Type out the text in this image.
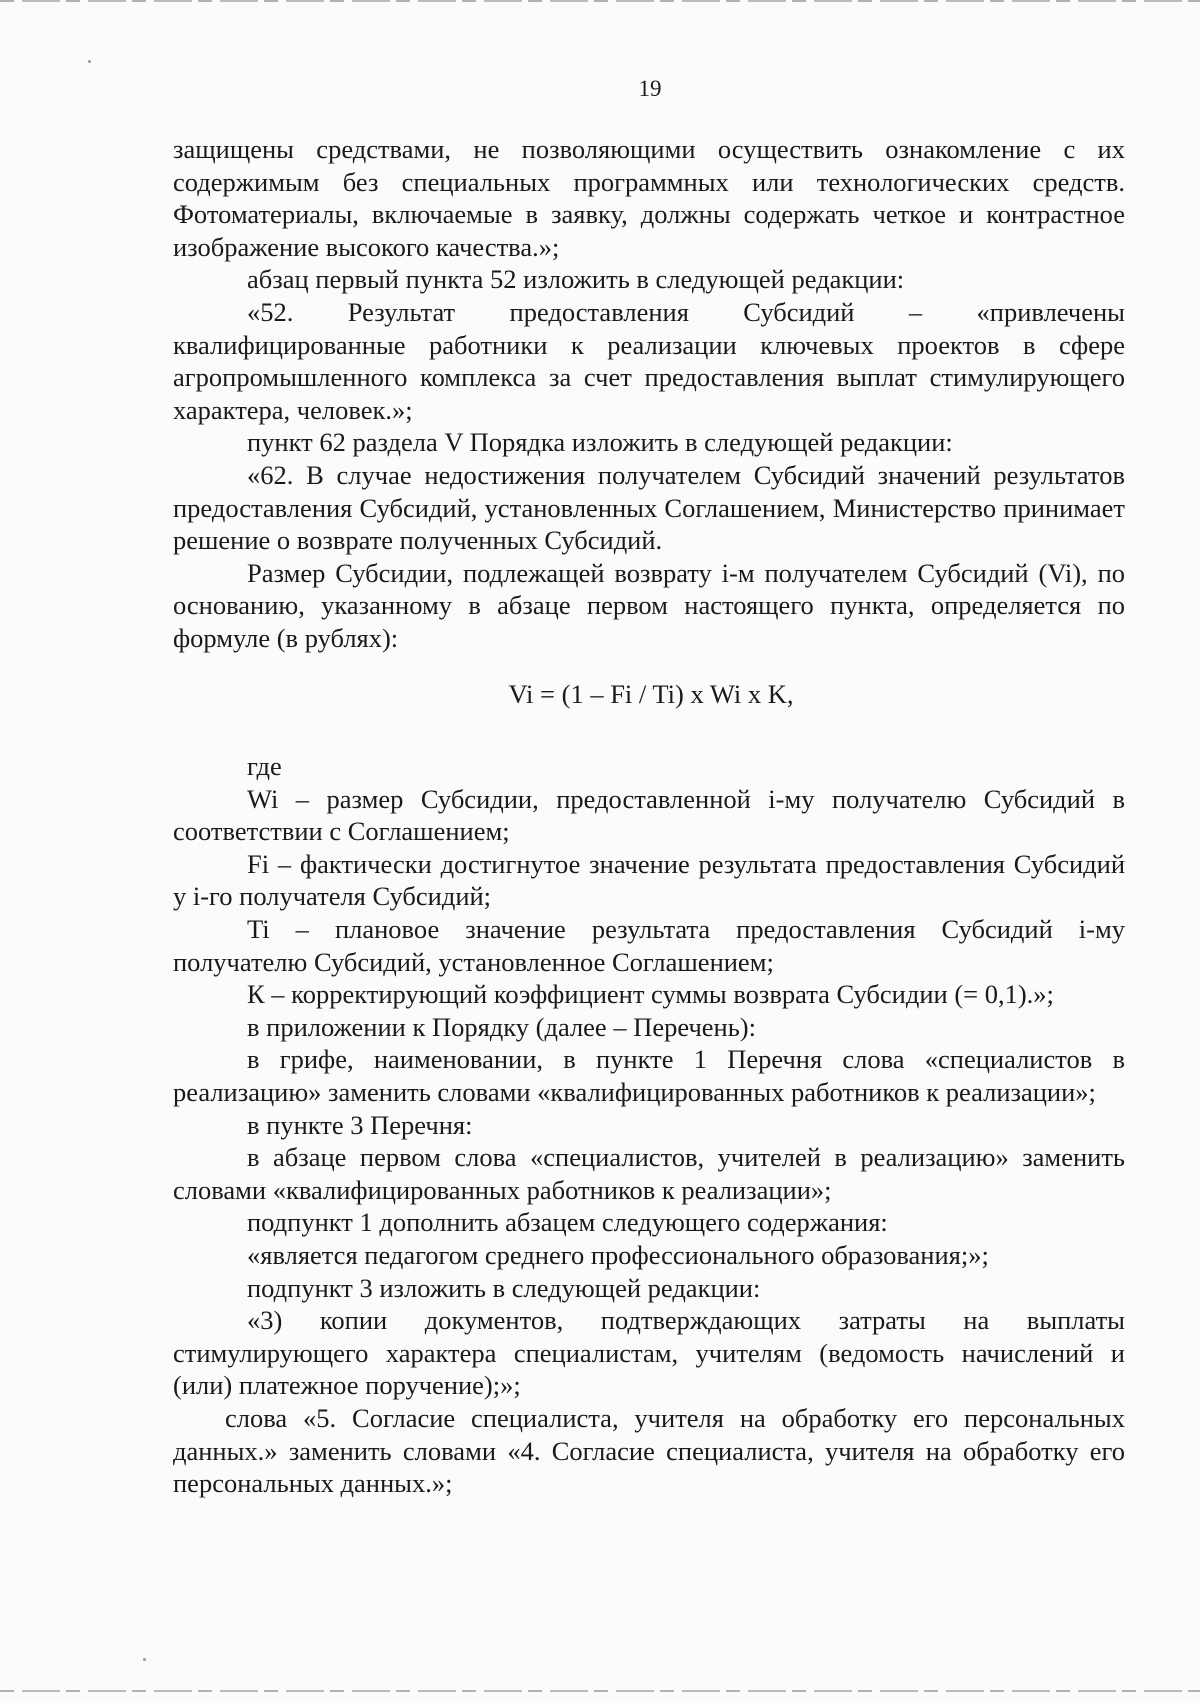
19

защищены средствами, не позволяющими осуществить ознакомление с их содержимым без специальных программных или технологических средств. Фотоматериалы, включаемые в заявку, должны содержать четкое и контрастное изображение высокого качества.»;

абзац первый пункта 52 изложить в следующей редакции:

«52. Результат предоставления Субсидий – «привлечены квалифицированные работники к реализации ключевых проектов в сфере агропромышленного комплекса за счет предоставления выплат стимулирующего характера, человек.»;

пункт 62 раздела V Порядка изложить в следующей редакции:

«62. В случае недостижения получателем Субсидий значений результатов предоставления Субсидий, установленных Соглашением, Министерство принимает решение о возврате полученных Субсидий.

Размер Субсидии, подлежащей возврату i-м получателем Субсидий (Vi), по основанию, указанному в абзаце первом настоящего пункта, определяется по формуле (в рублях):

Vi = (1 – Fi / Ti) x Wi x K,

где

Wi – размер Субсидии, предоставленной i-му получателю Субсидий в соответствии с Соглашением;

Fi – фактически достигнутое значение результата предоставления Субсидий у i-го получателя Субсидий;

Ti – плановое значение результата предоставления Субсидий i-му получателю Субсидий, установленное Соглашением;

К – корректирующий коэффициент суммы возврата Субсидии (= 0,1).»;

в приложении к Порядку (далее – Перечень):

в грифе, наименовании, в пункте 1 Перечня слова «специалистов в реализацию» заменить словами «квалифицированных работников к реализации»;

в пункте 3 Перечня:

в абзаце первом слова «специалистов, учителей в реализацию» заменить словами «квалифицированных работников к реализации»;

подпункт 1 дополнить абзацем следующего содержания:

«является педагогом среднего профессионального образования;»;

подпункт 3 изложить в следующей редакции:

«3) копии документов, подтверждающих затраты на выплаты стимулирующего характера специалистам, учителям (ведомость начислений и (или) платежное поручение);»;

слова «5. Согласие специалиста, учителя на обработку его персональных данных.» заменить словами «4. Согласие специалиста, учителя на обработку его персональных данных.»;
